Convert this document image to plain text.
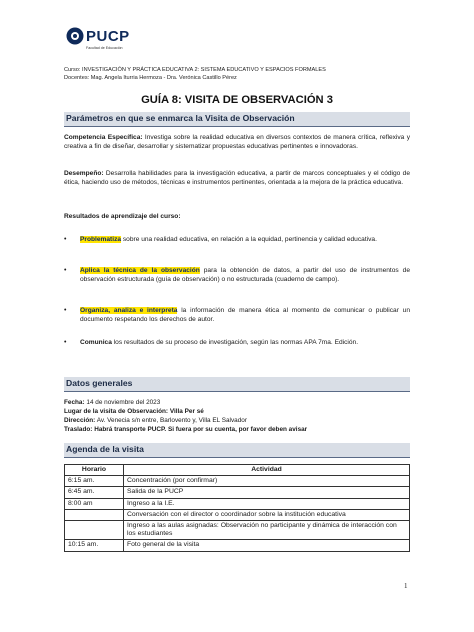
PUCP
Facultad de Educación
Curso: INVESTIGACIÓN Y PRÁCTICA EDUCATIVA 2: SISTEMA EDUCATIVO Y ESPACIOS FORMALES
Docentes: Mag. Angela Iturria Hermoza - Dra. Verónica Castillo Pérez
GUÍA 8: VISITA DE OBSERVACIÓN 3
Parámetros en que se enmarca la Visita de Observación
Competencia Específica: Investiga sobre la realidad educativa en diversos contextos de manera crítica, reflexiva y creativa a fin de diseñar, desarrollar y sistematizar propuestas educativas pertinentes e innovadoras.
Desempeño: Desarrolla habilidades para la investigación educativa, a partir de marcos conceptuales y el código de ética, haciendo uso de métodos, técnicas e instrumentos pertinentes, orientada a la mejora de la práctica educativa.
Resultados de aprendizaje del curso:
• Problematiza sobre una realidad educativa, en relación a la equidad, pertinencia y calidad educativa.
• Aplica la técnica de la observación para la obtención de datos, a partir del uso de instrumentos de observación estructurada (guía de observación) o no estructurada (cuaderno de campo).
• Organiza, analiza e interpreta la información de manera ética al momento de comunicar o publicar un documento respetando los derechos de autor.
• Comunica los resultados de su proceso de investigación, según las normas APA 7ma. Edición.
Datos generales
Fecha: 14 de noviembre del 2023
Lugar de la visita de Observación: Villa Per sé
Dirección: Av. Venecia s/n entre, Barlovento y, Villa EL Salvador
Traslado: Habrá transporte PUCP. Si fuera por su cuenta, por favor deben avisar
Agenda de la visita
Horario	Actividad
6:15 am.	Concentración (por confirmar)
6:45 am.	Salida de la PUCP
8:00 am	Ingreso a la I.E.
	Conversación con el director o coordinador sobre la institución educativa
	Ingreso a las aulas asignadas: Observación no participante y dinámica de interacción con los estudiantes
10:15 am.	Foto general de la visita
1
